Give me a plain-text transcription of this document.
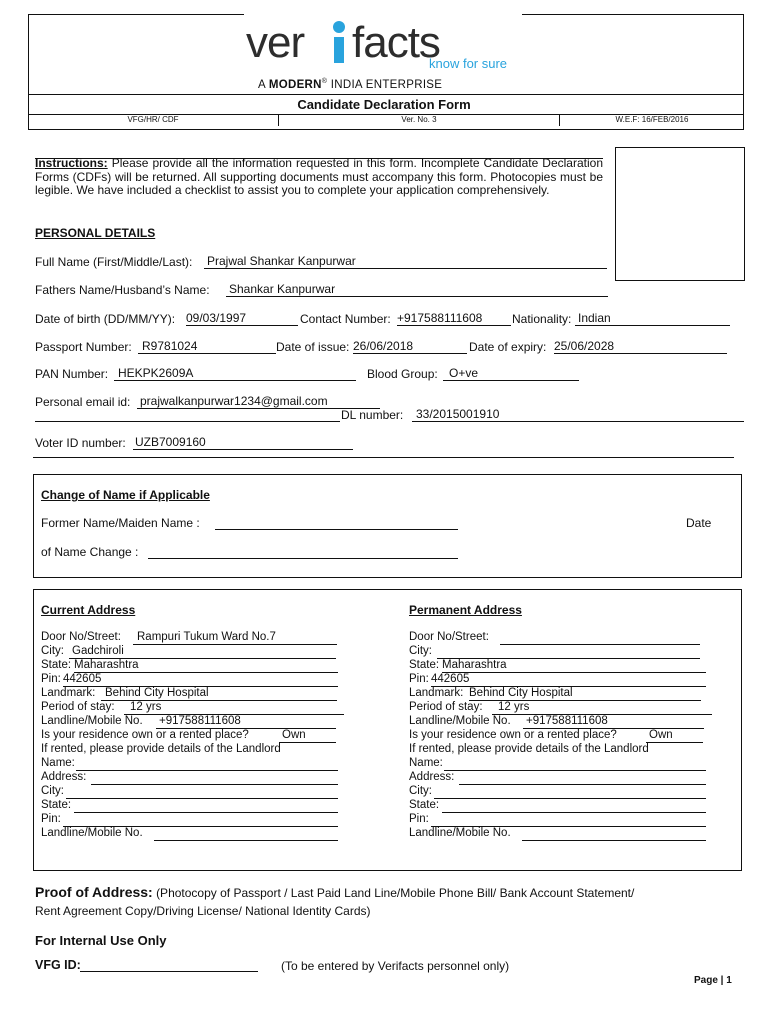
ver facts
know for sure
A MODERN® INDIA ENTERPRISE
Candidate Declaration Form
VFG/HR/ CDF	Ver. No. 3	W.E.F: 16/FEB/2016
Instructions: Please provide all the information requested in this form. Incomplete Candidate Declaration Forms (CDFs) will be returned. All supporting documents must accompany this form. Photocopies must be legible. We have included a checklist to assist you to complete your application comprehensively.
PERSONAL DETAILS
Full Name (First/Middle/Last): Prajwal Shankar Kanpurwar
Fathers Name/Husband’s Name: Shankar Kanpurwar
Date of birth (DD/MM/YY): 09/03/1997	Contact Number: +917588111608	Nationality: Indian
Passport Number: R9781024	Date of issue: 26/06/2018	Date of expiry: 25/06/2028
PAN Number: HEKPK2609A	Blood Group: O+ve
Personal email id: prajwalkanpurwar1234@gmail.com
DL number:	33/2015001910
Voter ID number: UZB7009160
Change of Name if Applicable
Former Name/Maiden Name :	Date
of Name Change :
Current Address
Door No/Street:	Rampuri Tukum Ward No.7
City: Gadchiroli
State: Maharashtra
Pin: 442605
Landmark: Behind City Hospital
Period of stay:	12 yrs
Landline/Mobile No. +917588111608
Is your residence own or a rented place?	Own
If rented, please provide details of the Landlord
Name:
Address:
City:
State:
Pin:
Landline/Mobile No.
Permanent Address
Door No/Street:
City:
State: Maharashtra
Pin: 442605
Landmark: Behind City Hospital
Period of stay:	12 yrs
Landline/Mobile No. +917588111608
Is your residence own or a rented place?	Own
If rented, please provide details of the Landlord
Name:
Address:
City:
State:
Pin:
Landline/Mobile No.
Proof of Address: (Photocopy of Passport / Last Paid Land Line/Mobile Phone Bill/ Bank Account Statement/
Rent Agreement Copy/Driving License/ National Identity Cards)
For Internal Use Only
VFG ID:	(To be entered by Verifacts personnel only)
Page | 1
